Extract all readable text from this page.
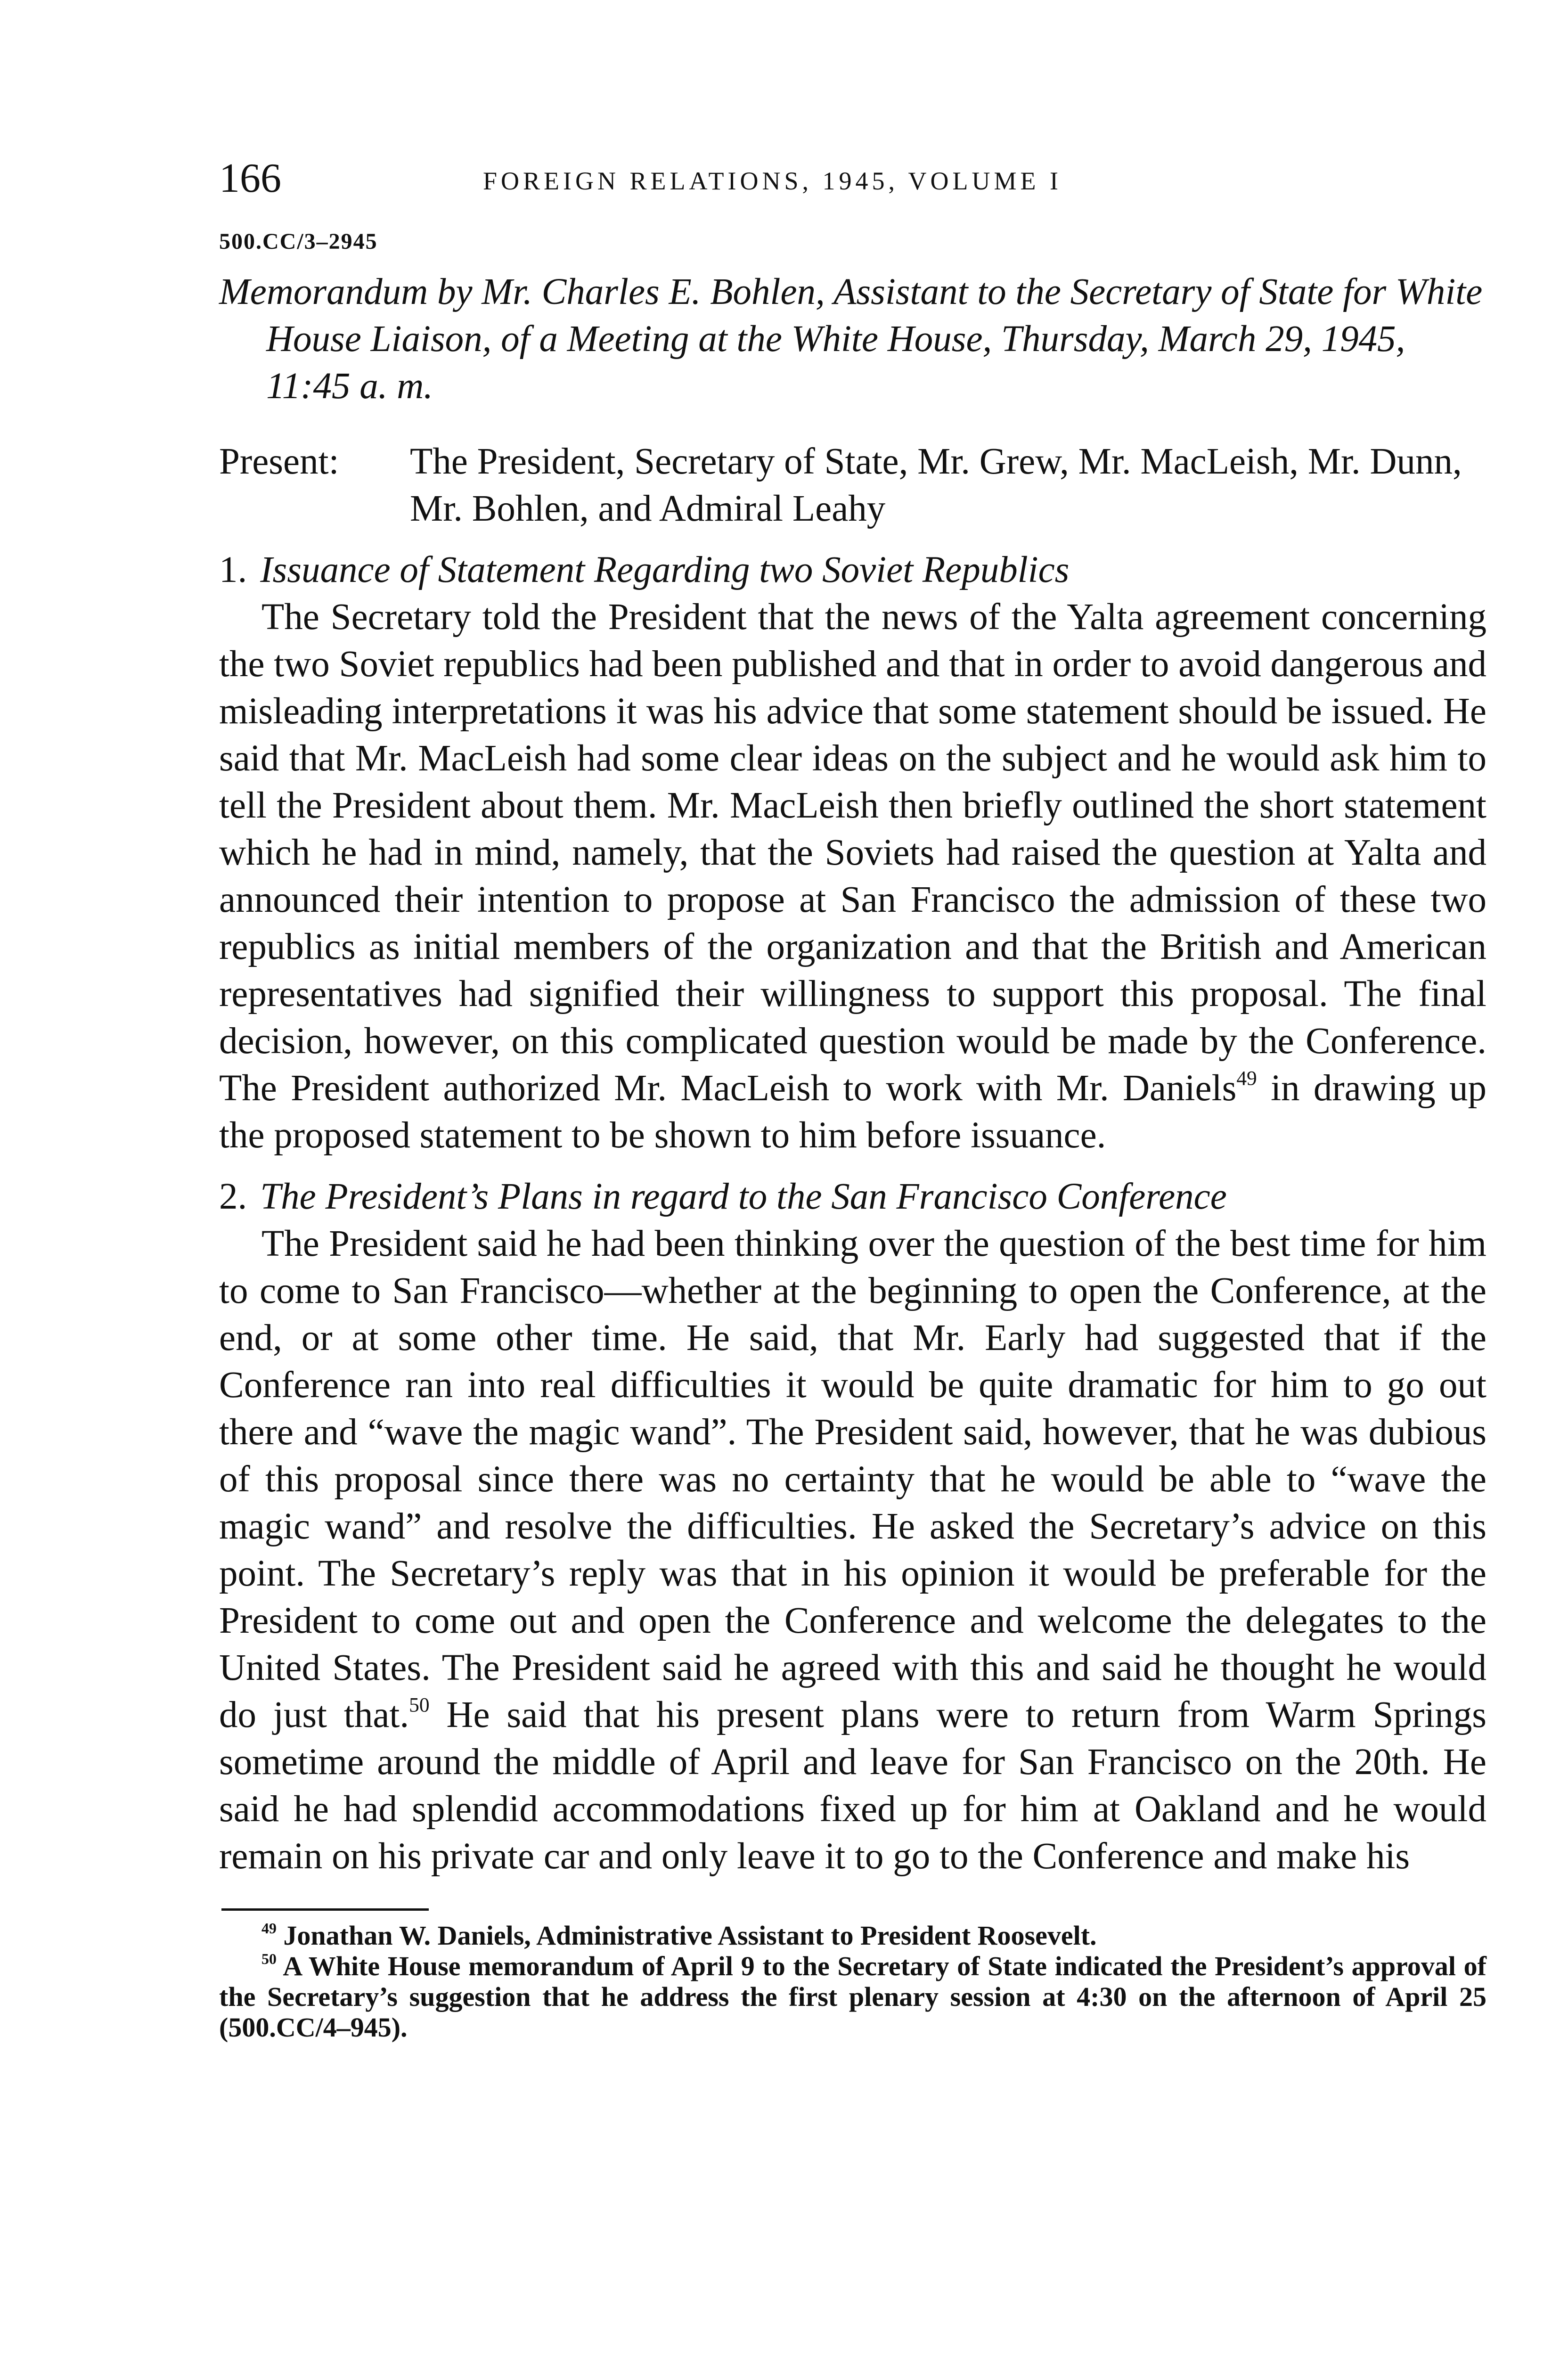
166	FOREIGN RELATIONS, 1945, VOLUME I
500.CC/3–2945
Memorandum by Mr. Charles E. Bohlen, Assistant to the Secretary of State for White House Liaison, of a Meeting at the White House, Thursday, March 29, 1945, 11:45 a. m.
Present:	The President, Secretary of State, Mr. Grew, Mr. MacLeish, Mr. Dunn, Mr. Bohlen, and Admiral Leahy
1. Issuance of Statement Regarding two Soviet Republics

The Secretary told the President that the news of the Yalta agreement concerning the two Soviet republics had been published and that in order to avoid dangerous and misleading interpretations it was his advice that some statement should be issued. He said that Mr. MacLeish had some clear ideas on the subject and he would ask him to tell the President about them. Mr. MacLeish then briefly outlined the short statement which he had in mind, namely, that the Soviets had raised the question at Yalta and announced their intention to propose at San Francisco the admission of these two republics as initial members of the organization and that the British and American representatives had signified their willingness to support this proposal. The final decision, however, on this complicated question would be made by the Conference. The President authorized Mr. MacLeish to work with Mr. Daniels$^{49}$ in drawing up the proposed statement to be shown to him before issuance.

2. The President’s Plans in regard to the San Francisco Conference

The President said he had been thinking over the question of the best time for him to come to San Francisco—whether at the beginning to open the Conference, at the end, or at some other time. He said, that Mr. Early had suggested that if the Conference ran into real difficulties it would be quite dramatic for him to go out there and “wave the magic wand”. The President said, however, that he was dubious of this proposal since there was no certainty that he would be able to “wave the magic wand” and resolve the difficulties. He asked the Secretary’s advice on this point. The Secretary’s reply was that in his opinion it would be preferable for the President to come out and open the Conference and welcome the delegates to the United States. The President said he agreed with this and said he thought he would do just that.$^{50}$ He said that his present plans were to return from Warm Springs sometime around the middle of April and leave for San Francisco on the 20th. He said he had splendid accommodations fixed up for him at Oakland and he would remain on his private car and only leave it to go to the Conference and make his

$^{49}$ Jonathan W. Daniels, Administrative Assistant to President Roosevelt.
$^{50}$ A White House memorandum of April 9 to the Secretary of State indicated the President’s approval of the Secretary’s suggestion that he address the first plenary session at 4:30 on the afternoon of April 25 (500.CC/4–945).
